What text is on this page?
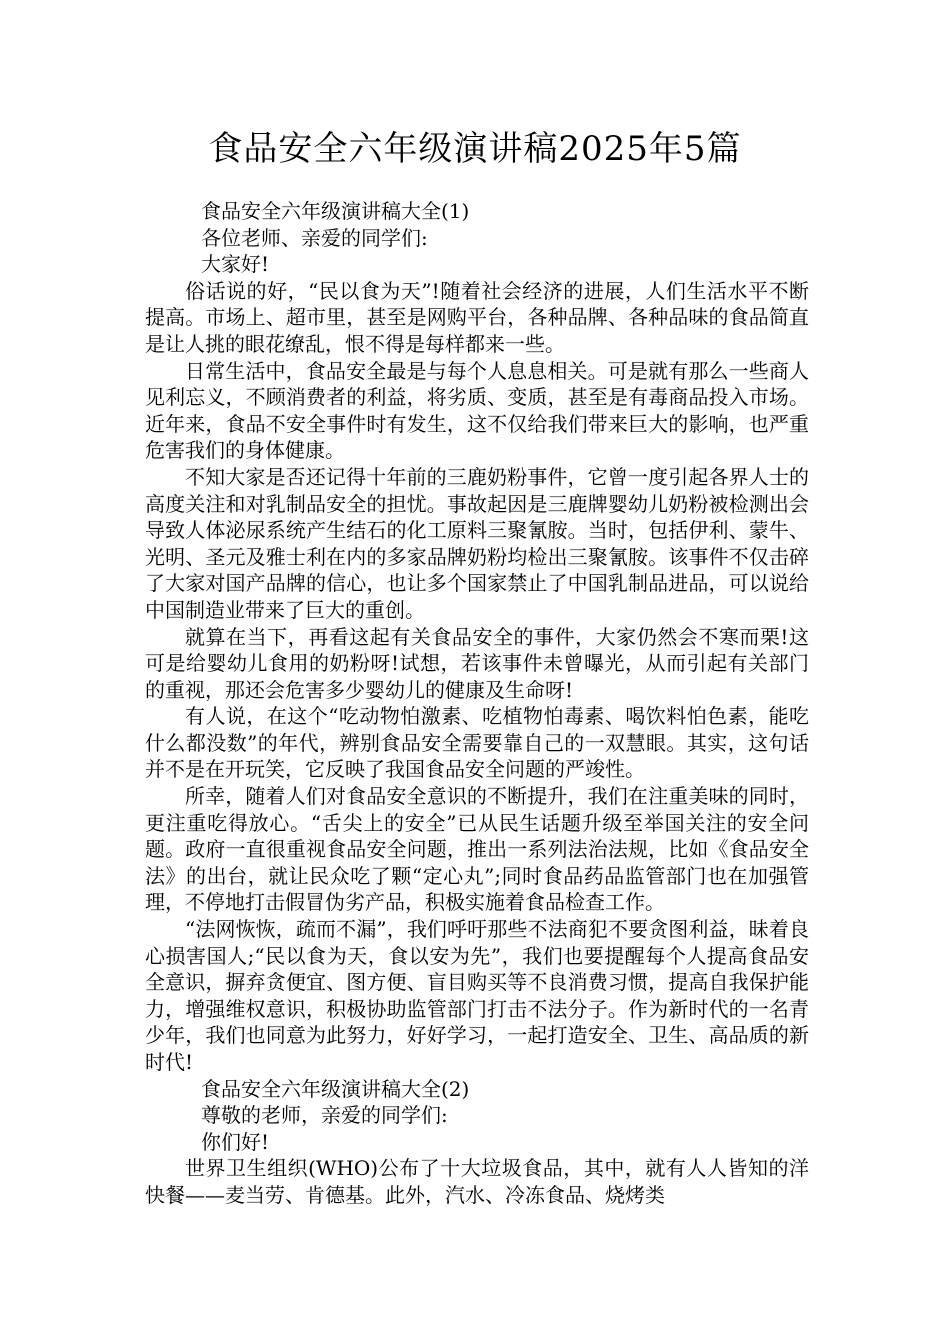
食品安全六年级演讲稿2025年5篇

食品安全六年级演讲稿大全(1)

各位老师、亲爱的同学们:

大家好!

俗话说的好，“民以食为天”!随着社会经济的进展，人们生活水平不断提高。市场上、超市里，甚至是网购平台，各种品牌、各种品味的食品简直是让人挑的眼花缭乱，恨不得是每样都来一些。

日常生活中，食品安全最是与每个人息息相关。可是就有那么一些商人见利忘义，不顾消费者的利益，将劣质、变质，甚至是有毒商品投入市场。近年来，食品不安全事件时有发生，这不仅给我们带来巨大的影响，也严重危害我们的身体健康。

不知大家是否还记得十年前的三鹿奶粉事件，它曾一度引起各界人士的高度关注和对乳制品安全的担忧。事故起因是三鹿牌婴幼儿奶粉被检测出会导致人体泌尿系统产生结石的化工原料三聚氰胺。当时，包括伊利、蒙牛、光明、圣元及雅士利在内的多家品牌奶粉均检出三聚氰胺。该事件不仅击碎了大家对国产品牌的信心，也让多个国家禁止了中国乳制品进品，可以说给中国制造业带来了巨大的重创。

就算在当下，再看这起有关食品安全的事件，大家仍然会不寒而栗!这可是给婴幼儿食用的奶粉呀!试想，若该事件未曾曝光，从而引起有关部门的重视，那还会危害多少婴幼儿的健康及生命呀!

有人说，在这个“吃动物怕激素、吃植物怕毒素、喝饮料怕色素，能吃什么都没数”的年代，辨别食品安全需要靠自己的一双慧眼。其实，这句话并不是在开玩笑，它反映了我国食品安全问题的严竣性。

所幸，随着人们对食品安全意识的不断提升，我们在注重美味的同时，更注重吃得放心。“舌尖上的安全”已从民生话题升级至举国关注的安全问题。政府一直很重视食品安全问题，推出一系列法治法规，比如《食品安全法》的出台，就让民众吃了颗“定心丸”;同时食品药品监管部门也在加强管理，不停地打击假冒伪劣产品，积极实施着食品检查工作。

“法网恢恢，疏而不漏”，我们呼吁那些不法商犯不要贪图利益，昧着良心损害国人;“民以食为天，食以安为先”，我们也要提醒每个人提高食品安全意识，摒弃贪便宜、图方便、盲目购买等不良消费习惯，提高自我保护能力，增强维权意识，积极协助监管部门打击不法分子。作为新时代的一名青少年，我们也同意为此努力，好好学习，一起打造安全、卫生、高品质的新时代!

食品安全六年级演讲稿大全(2)

尊敬的老师，亲爱的同学们:

你们好!

世界卫生组织(WHO)公布了十大垃圾食品，其中，就有人人皆知的洋快餐——麦当劳、肯德基。此外，汽水、冷冻食品、烧烤类
